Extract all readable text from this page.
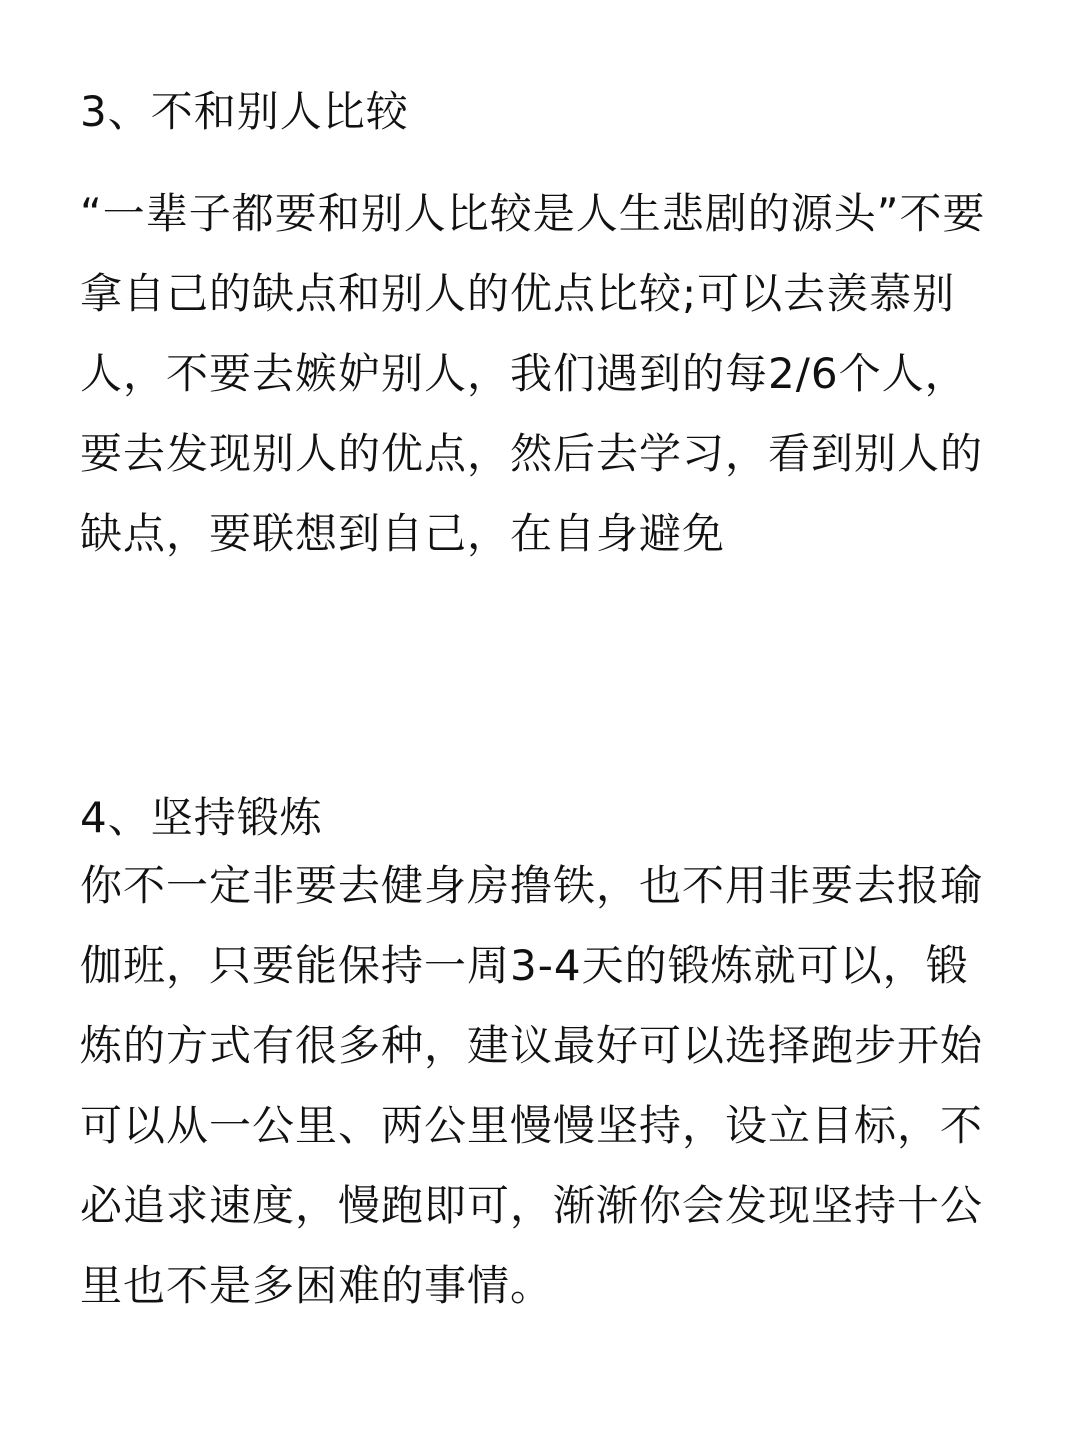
3、不和别人比较
“一辈子都要和别人比较是人生悲剧的源头”不要
拿自己的缺点和别人的优点比较;可以去羡慕别
人，不要去嫉妒别人，我们遇到的每2/6个人，
要去发现别人的优点，然后去学习，看到别人的
缺点，要联想到自己，在自身避免
4、坚持锻炼
你不一定非要去健身房撸铁，也不用非要去报瑜
伽班，只要能保持一周3-4天的锻炼就可以，锻
炼的方式有很多种，建议最好可以选择跑步开始
可以从一公里、两公里慢慢坚持，设立目标，不
必追求速度，慢跑即可，渐渐你会发现坚持十公
里也不是多困难的事情。
